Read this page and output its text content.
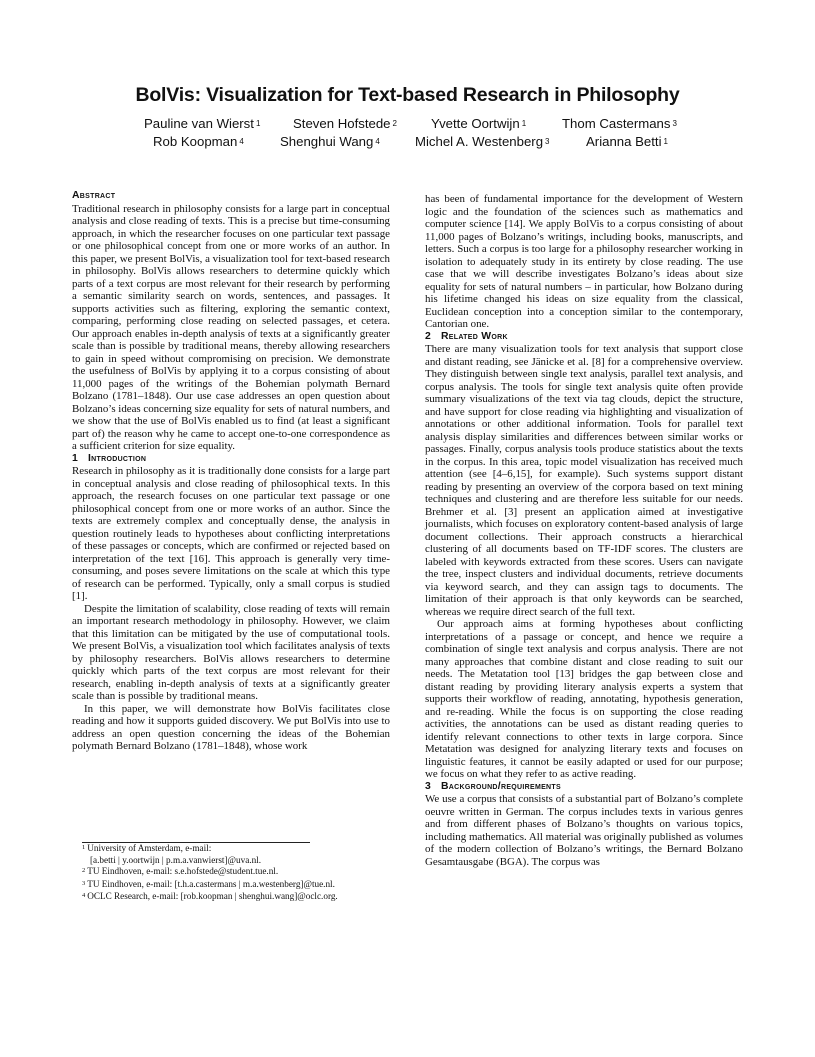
BolVis: Visualization for Text-based Research in Philosophy
Pauline van Wierst $^1$ Steven Hofstede $^2$	Yvette Oortwijn $^1$	Thom Castermans $^3$
Rob Koopman $^4$	Shenghui Wang $^4$	Michel A. Westenberg $^3$	Arianna Betti $^1$
Abstract

Traditional research in philosophy consists for a large part in conceptual analysis and close reading of texts. This is a precise but time-consuming approach, in which the researcher focuses on one particular text passage or one philosophical concept from one or more works of an author. In this paper, we present BolVis, a visualization tool for text-based research in philosophy. BolVis allows researchers to determine quickly which parts of a text corpus are most relevant for their research by performing a semantic similarity search on words, sentences, and passages. It supports activities such as filtering, exploring the semantic context, comparing, performing close reading on selected passages, et cetera. Our approach enables in-depth analysis of texts at a significantly greater scale than is possible by traditional means, thereby allowing researchers to gain in speed without compromising on precision. We demonstrate the usefulness of BolVis by applying it to a corpus consisting of about 11,000 pages of the writings of the Bohemian polymath Bernard Bolzano (1781–1848). Our use case addresses an open question about Bolzano’s ideas concerning size equality for sets of natural numbers, and we show that the use of BolVis enabled us to find (at least a significant part of) the reason why he came to accept one-to-one correspondence as a sufficient criterion for size equality.

1 Introduction

Research in philosophy as it is traditionally done consists for a large part in conceptual analysis and close reading of philosophical texts. In this approach, the research focuses on one particular text passage or one philosophical concept from one or more works of an author. Since the texts are extremely complex and conceptually dense, the analysis in question routinely leads to hypotheses about conflicting interpretations of these passages or concepts, which are confirmed or rejected based on interpretation of the text [16]. This approach is generally very time-consuming, and poses severe limitations on the scale at which this type of research can be performed. Typically, only a small corpus is studied [1].

Despite the limitation of scalability, close reading of texts will remain an important research methodology in philosophy. However, we claim that this limitation can be mitigated by the use of computational tools. We present BolVis, a visualization tool which facilitates analysis of texts by philosophy researchers. BolVis allows researchers to determine quickly which parts of the text corpus are most relevant for their research, enabling in-depth analysis of texts at a significantly greater scale than is possible by traditional means.

In this paper, we will demonstrate how BolVis facilitates close reading and how it supports guided discovery. We put BolVis into use to address an open question concerning the ideas of the Bohemian polymath Bernard Bolzano (1781–1848), whose work

has been of fundamental importance for the development of Western logic and the foundation of the sciences such as mathematics and computer science [14]. We apply BolVis to a corpus consisting of about 11,000 pages of Bolzano’s writings, including books, manuscripts, and letters. Such a corpus is too large for a philosophy researcher working in isolation to adequately study in its entirety by close reading. The use case that we will describe investigates Bolzano’s ideas about size equality for sets of natural numbers – in particular, how Bolzano during his lifetime changed his ideas on size equality from the classical, Euclidean conception into a conception similar to the contemporary, Cantorian one.

2 Related Work

There are many visualization tools for text analysis that support close and distant reading, see Jänicke et al. [8] for a comprehensive overview. They distinguish between single text analysis, parallel text analysis, and corpus analysis. The tools for single text analysis quite often provide summary visualizations of the text via tag clouds, depict the structure, and have support for close reading via highlighting and visualization of annotations or other additional information. Tools for parallel text analysis display similarities and differences between similar works or passages. Finally, corpus analysis tools produce statistics about the texts in the corpus. In this area, topic model visualization has received much attention (see [4–6,15], for example). Such systems support distant reading by presenting an overview of the corpora based on text mining techniques and clustering and are therefore less suitable for our needs. Brehmer et al. [3] present an application aimed at investigative journalists, which focuses on exploratory content-based analysis of large document collections. Their approach constructs a hierarchical clustering of all documents based on TF-IDF scores. The clusters are labeled with keywords extracted from these scores. Users can navigate the tree, inspect clusters and individual documents, retrieve documents via keyword search, and they can assign tags to documents. The limitation of their approach is that only keywords can be searched, whereas we require direct search of the full text.

Our approach aims at forming hypotheses about conflicting interpretations of a passage or concept, and hence we require a combination of single text analysis and corpus analysis. There are not many approaches that combine distant and close reading to suit our needs. The Metatation tool [13] bridges the gap between close and distant reading by providing literary analysis experts a system that supports their workflow of reading, annotating, hypothesis generation, and re-reading. While the focus is on supporting the close reading activities, the annotations can be used as distant reading queries to identify relevant connections to other texts in large corpora. Since Metatation was designed for analyzing literary texts and focuses on linguistic features, it cannot be easily adapted or used for our purpose; we focus on what they refer to as active reading.

3 Background/requirements

We use a corpus that consists of a substantial part of Bolzano’s complete oeuvre written in German. The corpus includes texts in various genres and from different phases of Bolzano’s thoughts on various topics, including mathematics. All material was originally published as volumes of the modern collection of Bolzano’s writings, the Bernard Bolzano Gesamtausgabe (BGA). The corpus was

$^1$ University of Amsterdam, e-mail:

[a.betti | y.oortwijn | p.m.a.vanwierst]@uva.nl.

$^2$ TU Eindhoven, e-mail: s.e.hofstede@student.tue.nl.

$^3$ TU Eindhoven, e-mail: [t.h.a.castermans | m.a.westenberg]@tue.nl.

$^4$ OCLC Research, e-mail: [rob.koopman | shenghui.wang]@oclc.org.
